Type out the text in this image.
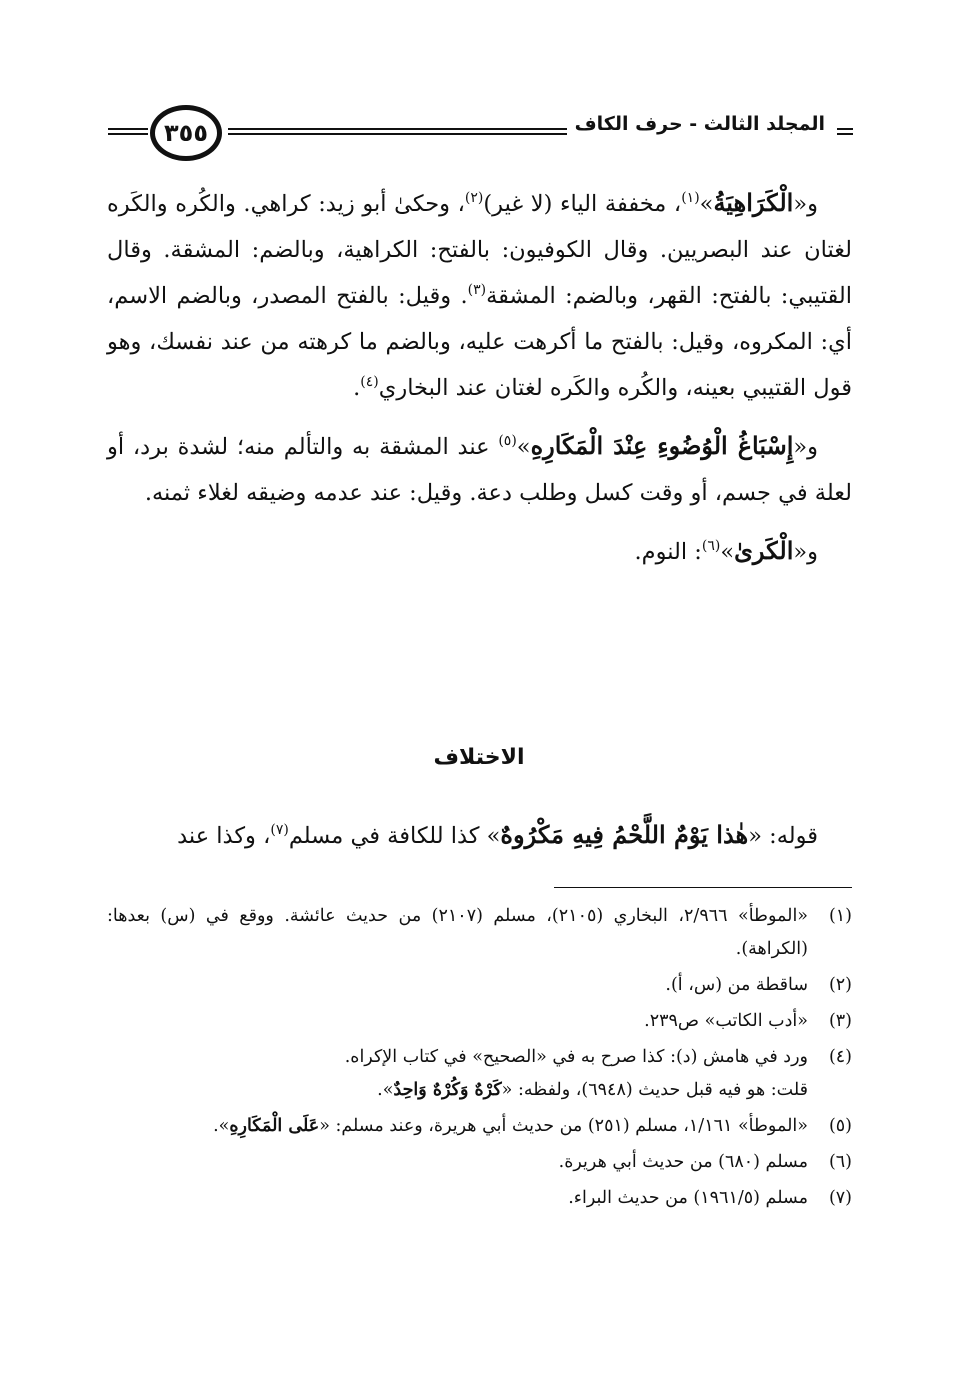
المجلد الثالث - حرف الكاف
٣٥٥

و«الْكَرَاهِيَةُ»$^{(١)}$، مخففة الياء (لا غير)$^{(٢)}$، وحكىٰ أبو زيد: كراهي. والكُره والكَره لغتان عند البصريين. وقال الكوفيون: بالفتح: الكراهية، وبالضم: المشقة. وقال القتيبي: بالفتح: القهر، وبالضم: المشقة$^{(٣)}$. وقيل: بالفتح المصدر، وبالضم الاسم، أي: المكروه، وقيل: بالفتح ما أكرهت عليه، وبالضم ما كرهته من عند نفسك، وهو قول القتيبي بعينه، والكُره والكَره لغتان عند البخاري$^{(٤)}$.

و«إِسْبَاغُ الْوُضُوءِ عِنْدَ الْمَكَارِهِ»$^{(٥)}$ عند المشقة به والتألم منه؛ لشدة برد، أو لعلة في جسم، أو وقت كسل وطلب دعة. وقيل: عند عدمه وضيقه لغلاء ثمنه.

و«الْكَرىٰ»$^{(٦)}$: النوم.

الاختلاف
قوله: «هٰذا يَوْمٌ اللَّحْمُ فِيهِ مَكْرُوهٌ» كذا للكافة في مسلم$^{(٧)}$، وكذا عند
(١)
«الموطأ» ٢/٩٦٦، البخاري (٢١٠٥)، مسلم (٢١٠٧) من حديث عائشة. ووقع في (س) بعدها: (الكراهة).
(٢)
ساقطة من (س، أ).
(٣)
«أدب الكاتب» ص٢٣٩.
(٤)
ورد في هامش (د): كذا صرح به في «الصحيح» في كتاب الإكراه.
قلت: هو فيه قبل حديث (٦٩٤٨)، ولفظه: «كَرْهٌ وَكُرْهٌ وَاحِدٌ».
(٥)
«الموطأ» ١/١٦١، مسلم (٢٥١) من حديث أبي هريرة، وعند مسلم: «عَلَى الْمَكَارِهِ».
(٦)
مسلم (٦٨٠) من حديث أبي هريرة.
(٧)
مسلم (١٩٦١/٥) من حديث البراء.
